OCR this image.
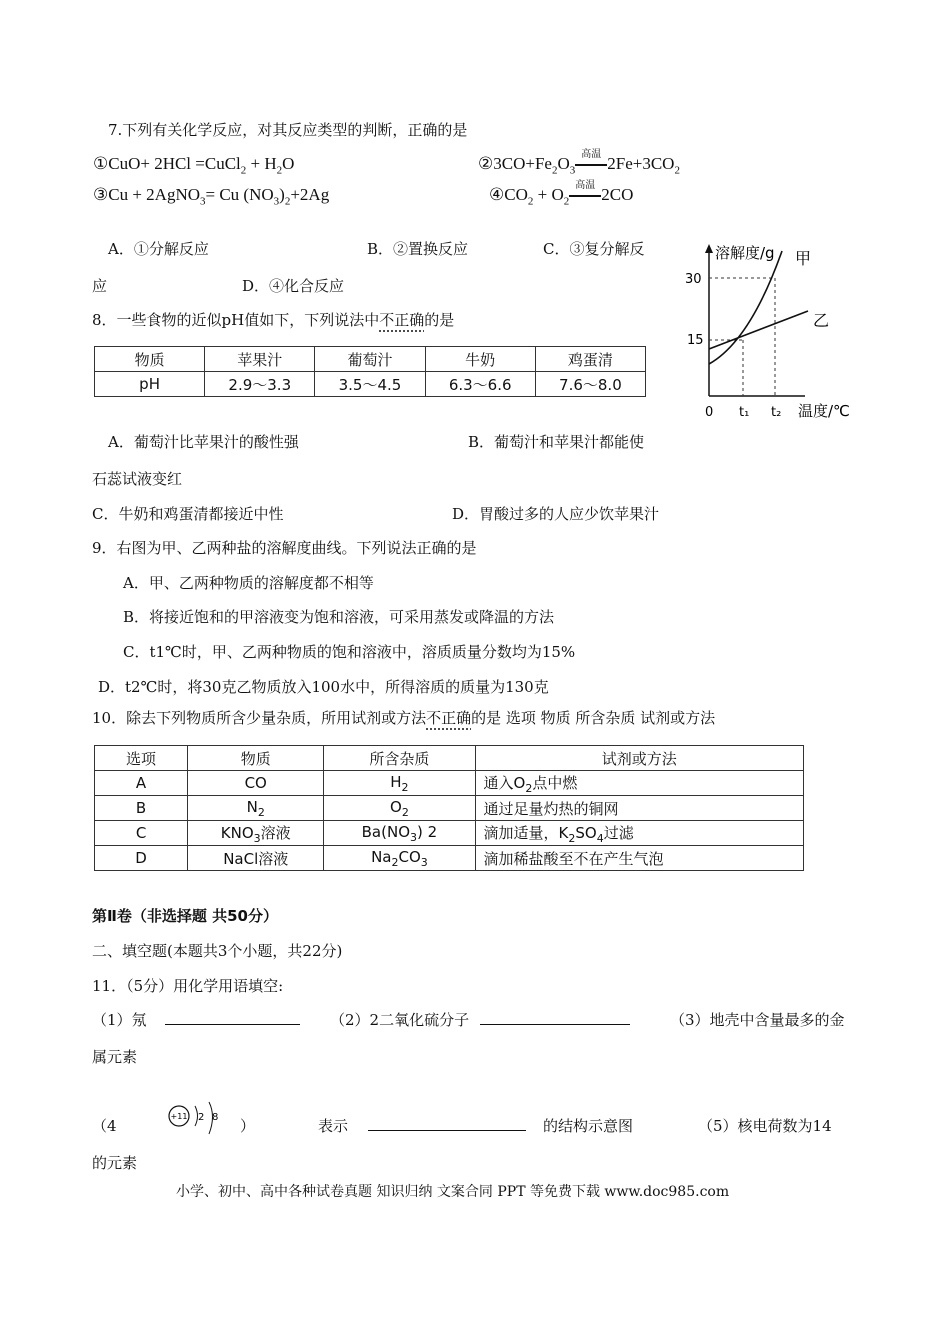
7.下列有关化学反应，对其反应类型的判断，正确的是
①CuO+ 2HCl =CuCl$_2$ + $H_2O$	$②3CO+Fe_2O_3$
高温 $2Fe+3CO_2$
③Cu + 2AgNO$_3$= Cu $(NO_3)_2+2Ag$	$④CO_2 + O_2$
高温 2CO
A．①分解反应	B．②置换反应	C．③复分解反
应	D．④化合反应
8．一些食物的近似pH值如下，下列说法中不正确的是
物质	苹果汁	葡萄汁	牛奶	鸡蛋清
pH	2.9～3.3	3.5～4.5	6.3～6.6	7.6～8.0
溶解度/g
30
15
0 t₁ t₂ 温度/℃
甲
乙
A．葡萄汁比苹果汁的酸性强	B．葡萄汁和苹果汁都能使
石蕊试液变红
C．牛奶和鸡蛋清都接近中性	D．胃酸过多的人应少饮苹果汁
9．右图为甲、乙两种盐的溶解度曲线。下列说法正确的是
A．甲、乙两种物质的溶解度都不相等
B．将接近饱和的甲溶液变为饱和溶液，可采用蒸发或降温的方法
C．t1℃时，甲、乙两种物质的饱和溶液中，溶质质量分数均为15%
D．t2℃时，将30克乙物质放入100水中，所得溶质的质量为130克
10．除去下列物质所含少量杂质，所用试剂或方法不正确的是 选项 物质 所含杂质 试剂或方法
选项	物质	所含杂质	试剂或方法
A	CO	$H_2$	通入$O_2$点中燃
B	$N_2$	$O_2$	通过足量灼热的铜网
C	$KNO_3$溶液	$Ba(NO_3)$ 2	滴加适量，$K_2SO_4$过滤
D	NaCl溶液	$Na_2CO_3$	滴加稀盐酸至不在产生气泡
第Ⅱ卷（非选择题 共50分）
二、填空题(本题共3个小题，共22分)
11．（5分）用化学用语填空:
（1）氖	（2）2二氧化硫分子	（3）地壳中含量最多的金
属元素
（4
+11 2 8 ）	表示	的结构示意图	（5）核电荷数为14
的元素
小学、初中、高中各种试卷真题 知识归纳 文案合同 PPT 等免费下载 www.doc985.com
